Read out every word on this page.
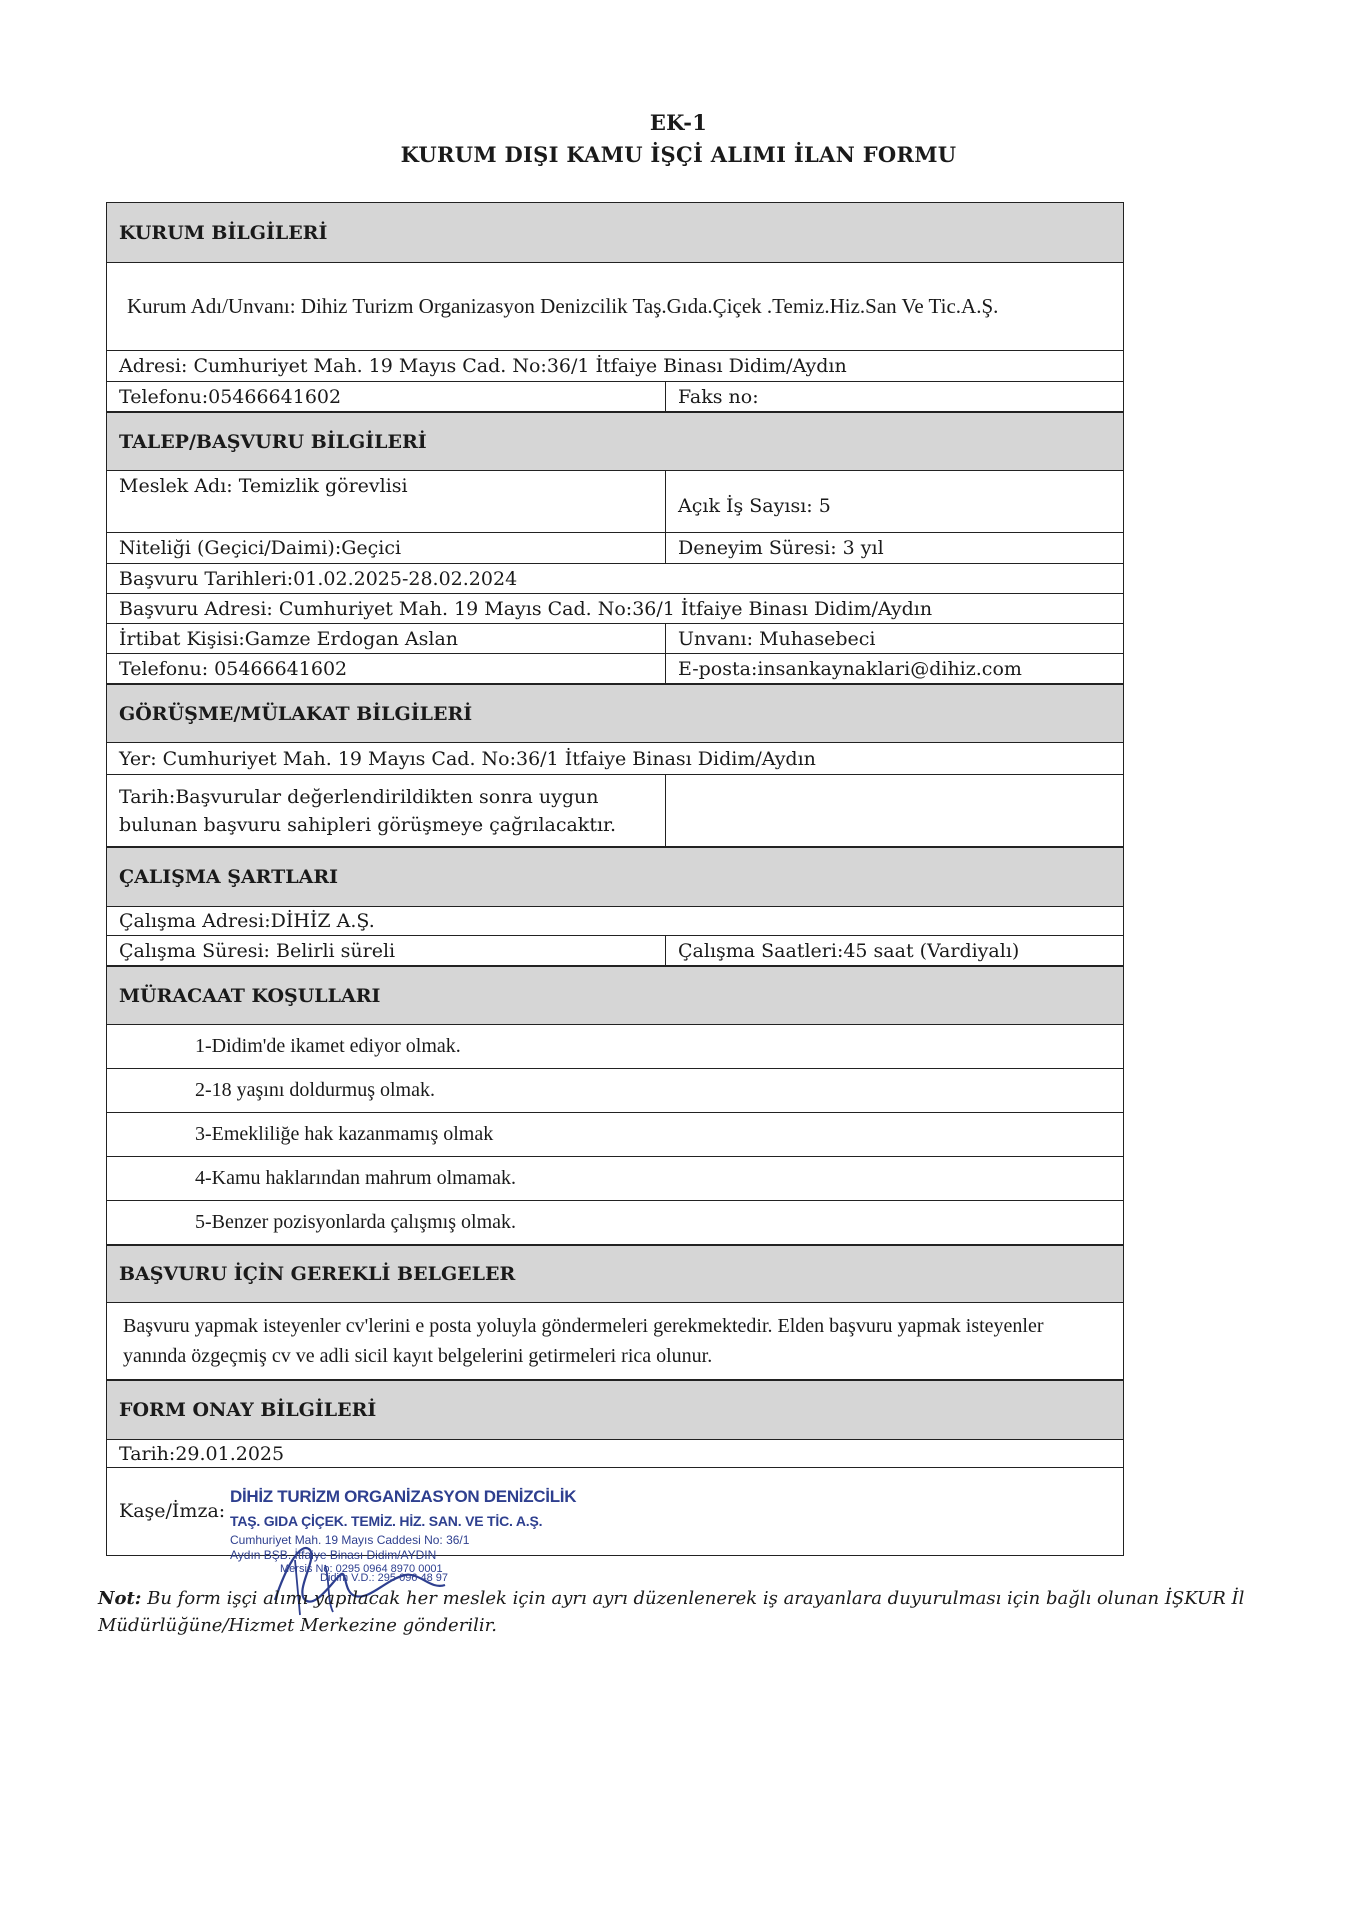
EK-1
KURUM DIŞI KAMU İŞÇİ ALIMI İLAN FORMU
KURUM BİLGİLERİ
Kurum Adı/Unvanı: Dihiz Turizm Organizasyon Denizcilik Taş.Gıda.Çiçek .Temiz.Hiz.San Ve Tic.A.Ş.
Adresi: Cumhuriyet Mah. 19 Mayıs Cad. No:36/1 İtfaiye Binası Didim/Aydın
Telefonu:05466641602	Faks no:
TALEP/BAŞVURU BİLGİLERİ
Meslek Adı: Temizlik görevlisi
Açık İş Sayısı: 5
Niteliği (Geçici/Daimi):Geçici	Deneyim Süresi: 3 yıl
Başvuru Tarihleri:01.02.2025-28.02.2024
Başvuru Adresi: Cumhuriyet Mah. 19 Mayıs Cad. No:36/1 İtfaiye Binası Didim/Aydın
İrtibat Kişisi:Gamze Erdogan Aslan	Unvanı: Muhasebeci
Telefonu: 05466641602	E-posta:insankaynaklari@dihiz.com
GÖRÜŞME/MÜLAKAT BİLGİLERİ
Yer: Cumhuriyet Mah. 19 Mayıs Cad. No:36/1 İtfaiye Binası Didim/Aydın
Tarih:Başvurular değerlendirildikten sonra uygun bulunan başvuru sahipleri görüşmeye çağrılacaktır.
ÇALIŞMA ŞARTLARI
Çalışma Adresi:DİHİZ A.Ş.
Çalışma Süresi: Belirli süreli	Çalışma Saatleri:45 saat (Vardiyalı)
MÜRACAAT KOŞULLARI
1-Didim'de ikamet ediyor olmak.
2-18 yaşını doldurmuş olmak.
3-Emekliliğe hak kazanmamış olmak
4-Kamu haklarından mahrum olmamak.
5-Benzer pozisyonlarda çalışmış olmak.
BAŞVURU İÇİN GEREKLİ BELGELER
Başvuru yapmak isteyenler cv'lerini e posta yoluyla göndermeleri gerekmektedir. Elden başvuru yapmak isteyenler yanında özgeçmiş cv ve adli sicil kayıt belgelerini getirmeleri rica olunur.
FORM ONAY BİLGİLERİ
Tarih:29.01.2025
Kaşe/İmza:
DİHİZ TURİZM ORGANİZASYON DENİZCİLİK
TAŞ. GIDA ÇİÇEK. TEMİZ. HİZ. SAN. VE TİC. A.Ş.
Cumhuriyet Mah. 19 Mayıs Caddesi No: 36/1
Aydın BŞB. İtfaiye Binası Didim/AYDIN
Mersis No: 0295 0964 8970 0001
Didim V.D.: 295 096 48 97
Not: Bu form işçi alımı yapılacak her meslek için ayrı ayrı düzenlenerek iş arayanlara duyurulması için bağlı olunan İŞKUR İl Müdürlüğüne/Hizmet Merkezine gönderilir.
